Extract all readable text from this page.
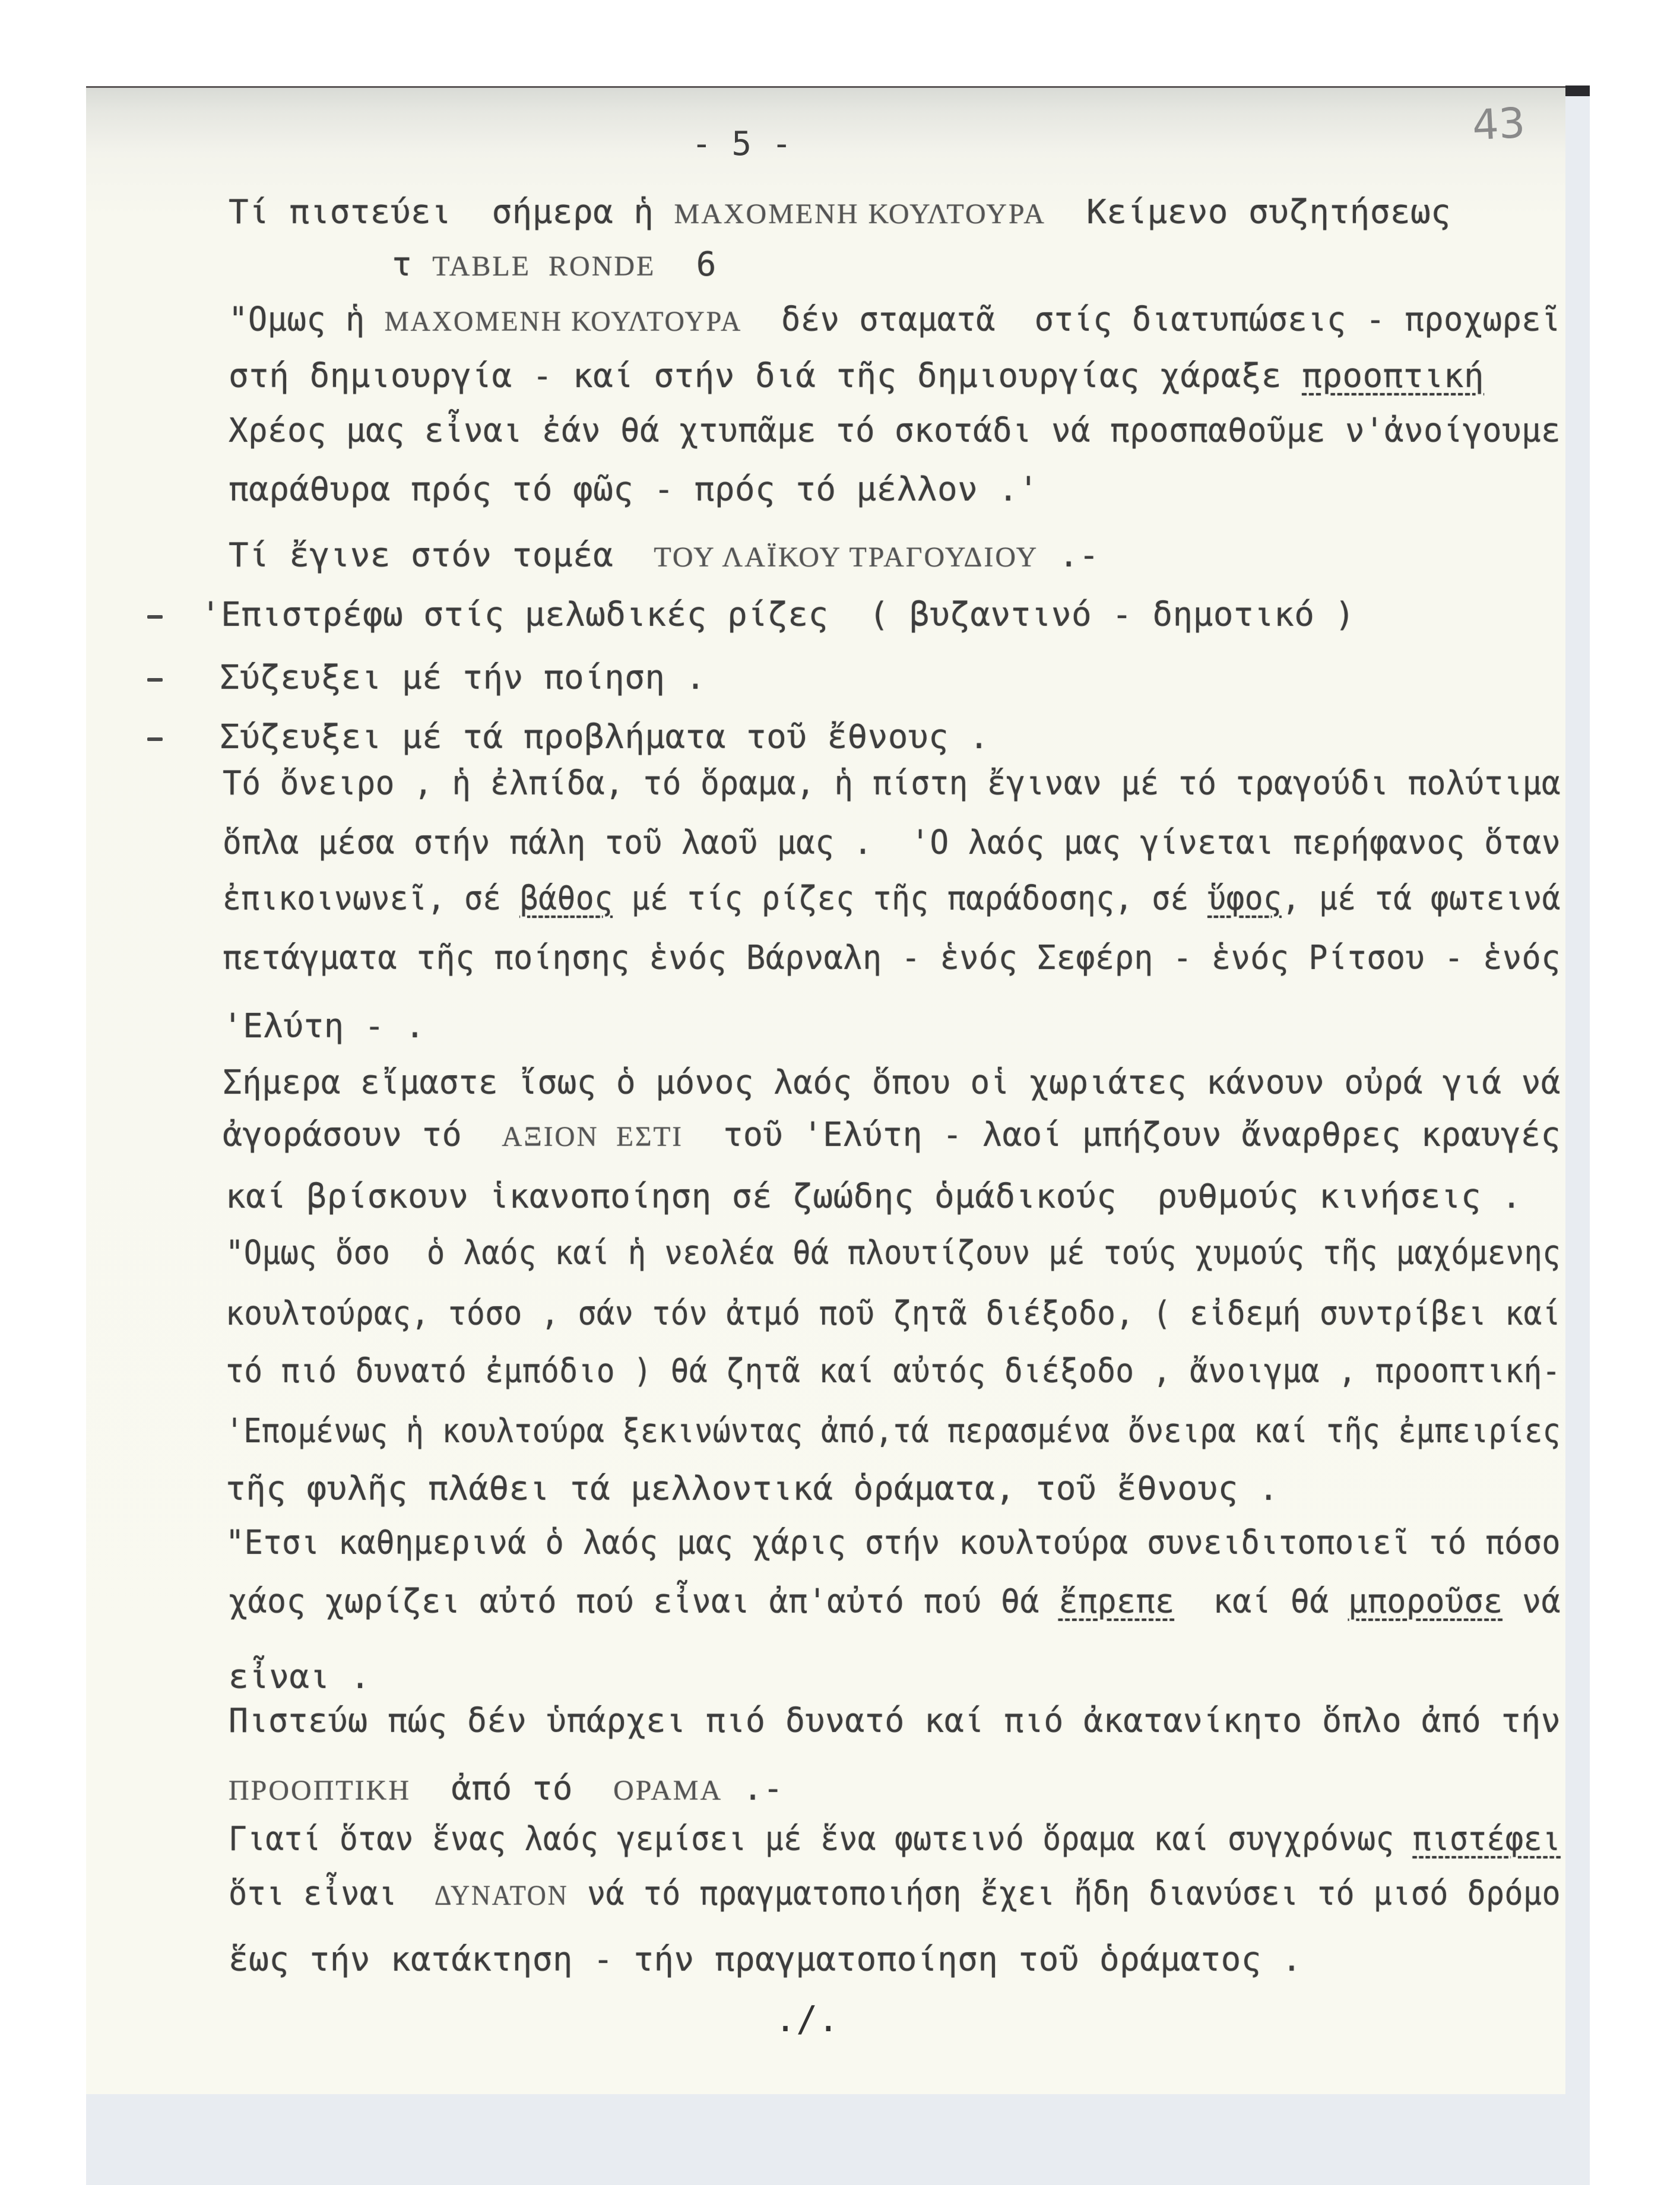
43
- 5 -
Τί πιστεύει  σήμερα ἡ ΜΑΧΟΜΕΝΗ ΚΟΥΛΤΟΥΡΑ  Κείμενο συζητήσεως
τ TABLE  RONDE  6
"Ομως ἡ ΜΑΧΟΜΕΝΗ ΚΟΥΛΤΟΥΡΑ  δέν σταματᾶ  στίς διατυπώσεις - προχωρεῖ
στή δημιουργία - καί στήν διά τῆς δημιουργίας χάραξε προοπτική
Χρέος μας εἶναι ἐάν θά χτυπᾶμε τό σκοτάδι νά προσπαθοῦμε ν'ἀνοίγουμε
παράθυρα πρός τό φῶς - πρός τό μέλλον .'
Τί ἔγινε στόν τομέα  ΤΟΥ ΛΑΪΚΟΥ ΤΡΑΓΟΥΔΙΟΥ .-
'Επιστρέφω στίς μελωδικές ρίζες  ( βυζαντινό - δημοτικό )
Σύζευξει μέ τήν ποίηση .
Σύζευξει μέ τά προβλήματα τοῦ ἔθνους .
Τό ὄνειρο , ἡ ἐλπίδα, τό ὅραμα, ἡ πίστη ἔγιναν μέ τό τραγούδι πολύτιμα
ὅπλα μέσα στήν πάλη τοῦ λαοῦ μας .  'Ο λαός μας γίνεται περήφανος ὅταν
ἐπικοινωνεῖ, σέ βάθος μέ τίς ρίζες τῆς παράδοσης, σέ ὕφος, μέ τά φωτεινά
πετάγματα τῆς ποίησης ἑνός Βάρναλη - ἑνός Σεφέρη - ἑνός Ρίτσου - ἑνός
'Ελύτη - .
Σήμερα εἴμαστε ἴσως ὁ μόνος λαός ὅπου οἱ χωριάτες κάνουν οὐρά γιά νά
ἀγοράσουν τό  ΑΞΙΟΝ  ΕΣΤΙ  τοῦ 'Ελύτη - λαοί μπήζουν ἄναρθρες κραυγές
καί βρίσκουν ἱκανοποίηση σέ ζωώδης ὁμάδικούς  ρυθμούς κινήσεις .
"Ομως ὅσο  ὁ λαός καί ἡ νεολέα θά πλουτίζουν μέ τούς χυμούς τῆς μαχόμενης
κουλτούρας, τόσο , σάν τόν ἀτμό ποῦ ζητᾶ διέξοδο, ( εἰδεμή συντρίβει καί
τό πιό δυνατό ἐμπόδιο ) θά ζητᾶ καί αὐτός διέξοδο , ἄνοιγμα , προοπτική-
'Επομένως ἡ κουλτούρα ξεκινώντας ἀπό,τά περασμένα ὄνειρα καί τῆς ἐμπειρίες
τῆς φυλῆς πλάθει τά μελλοντικά ὁράματα, τοῦ ἔθνους .
"Ετσι καθημερινά ὁ λαός μας χάρις στήν κουλτούρα συνειδιτοποιεῖ τό πόσο
χάος χωρίζει αὐτό πού εἶναι ἀπ'αὐτό πού θά ἔπρεπε  καί θά μποροῦσε νά
εἶναι .
Πιστεύω πώς δέν ὑπάρχει πιό δυνατό καί πιό ἀκατανίκητο ὅπλο ἀπό τήν
ΠΡΟΟΠΤΙΚΗ  ἀπό τό  ΟΡΑΜΑ .-
Γιατί ὅταν ἕνας λαός γεμίσει μέ ἕνα φωτεινό ὅραμα καί συγχρόνως πιστέφει
ὅτι εἶναι  ΔΥΝΑΤΟΝ νά τό πραγματοποιήση ἔχει ἤδη διανύσει τό μισό δρόμο
ἕως τήν κατάκτηση - τήν πραγματοποίηση τοῦ ὁράματος .
./.
